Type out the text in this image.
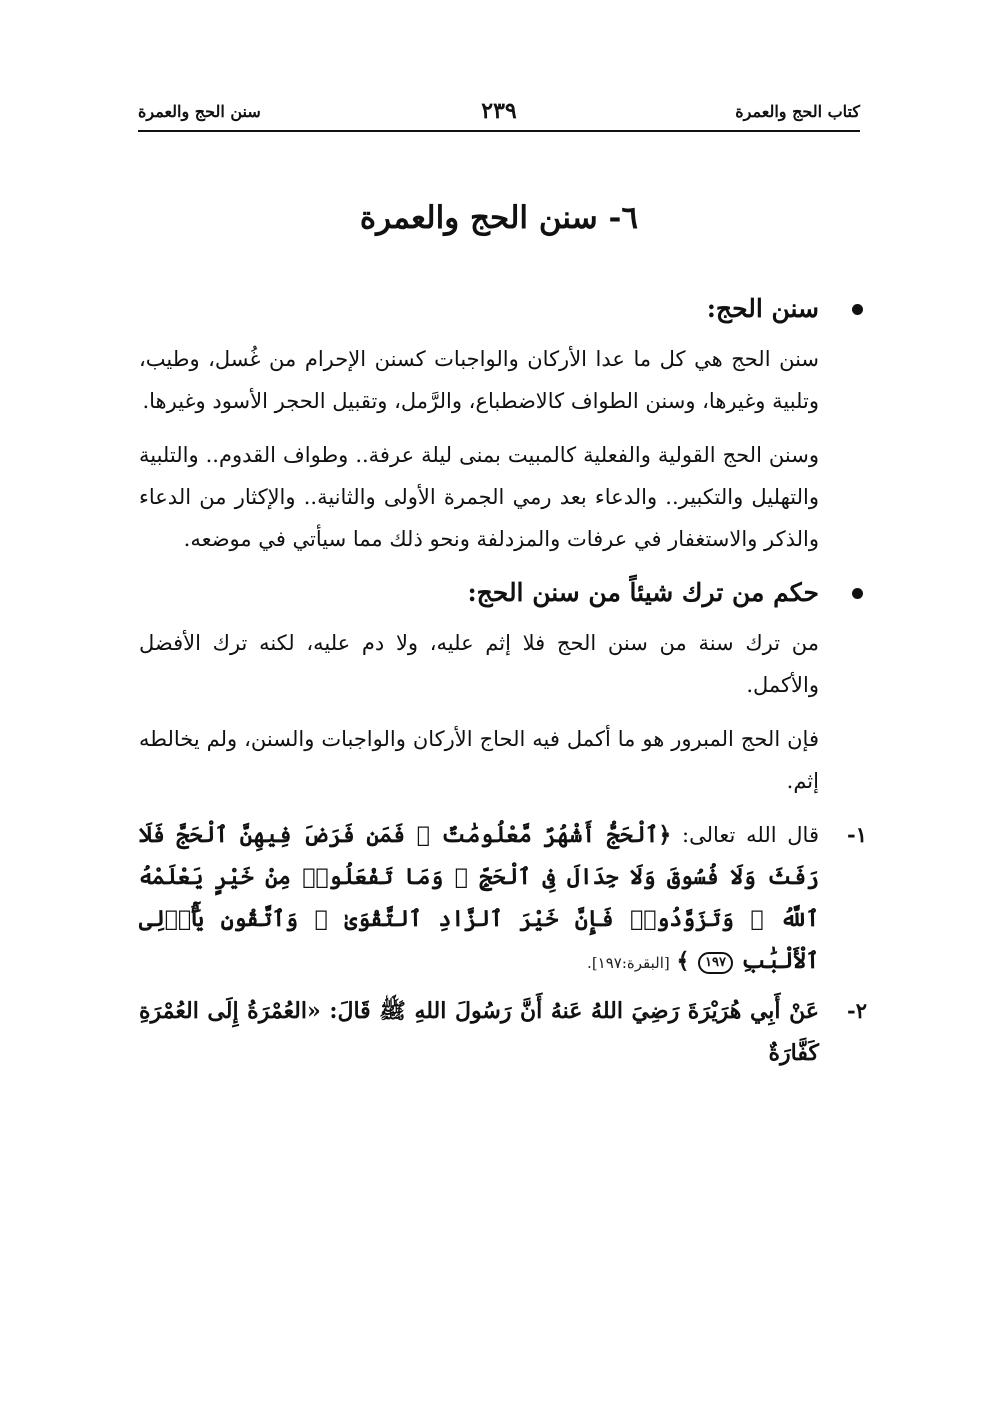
كتاب الحج والعمرة
٢٣٩
سنن الحج والعمرة
٦- سنن الحج والعمرة
سنن الحج:

سنن الحج هي كل ما عدا الأركان والواجبات كسنن الإحرام من غُسل، وطيب، وتلبية وغيرها، وسنن الطواف كالاضطباع، والرَّمل، وتقبيل الحجر الأسود وغيرها.

وسنن الحج القولية والفعلية كالمبيت بمنى ليلة عرفة.. وطواف القدوم.. والتلبية والتهليل والتكبير.. والدعاء بعد رمي الجمرة الأولى والثانية.. والإكثار من الدعاء والذكر والاستغفار في عرفات والمزدلفة ونحو ذلك مما سيأتي في موضعه.

حكم من ترك شيئاً من سنن الحج:

من ترك سنة من سنن الحج فلا إثم عليه، ولا دم عليه، لكنه ترك الأفضل والأكمل.

فإن الحج المبرور هو ما أكمل فيه الحاج الأركان والواجبات والسنن، ولم يخالطه إثم.

١-
قال الله تعالى: ﴿ٱلْحَجُّ أَشْهُرٌ مَّعْلُومَٰتٌ ۚ فَمَن فَرَضَ فِيهِنَّ ٱلْحَجَّ فَلَا رَفَثَ وَلَا فُسُوقَ وَلَا جِدَالَ فِى ٱلْحَجِّ ۗ وَمَا تَفْعَلُوا۟ مِنْ خَيْرٍ يَعْلَمْهُ ٱللَّهُ ۗ وَتَزَوَّدُوا۟ فَإِنَّ خَيْرَ ٱلزَّادِ ٱلتَّقْوَىٰ ۚ وَٱتَّقُونِ يَٰٓأُو۟لِى ٱلْأَلْبَٰبِ ١٩٧ ﴾ [البقرة:١٩٧].

٢-
عَنْ أَبِي هُرَيْرَةَ رَضِيَ اللهُ عَنهُ أَنَّ رَسُولَ اللهِ ﷺ قَالَ: «العُمْرَةُ إِلَى العُمْرَةِ كَفَّارَةٌ
